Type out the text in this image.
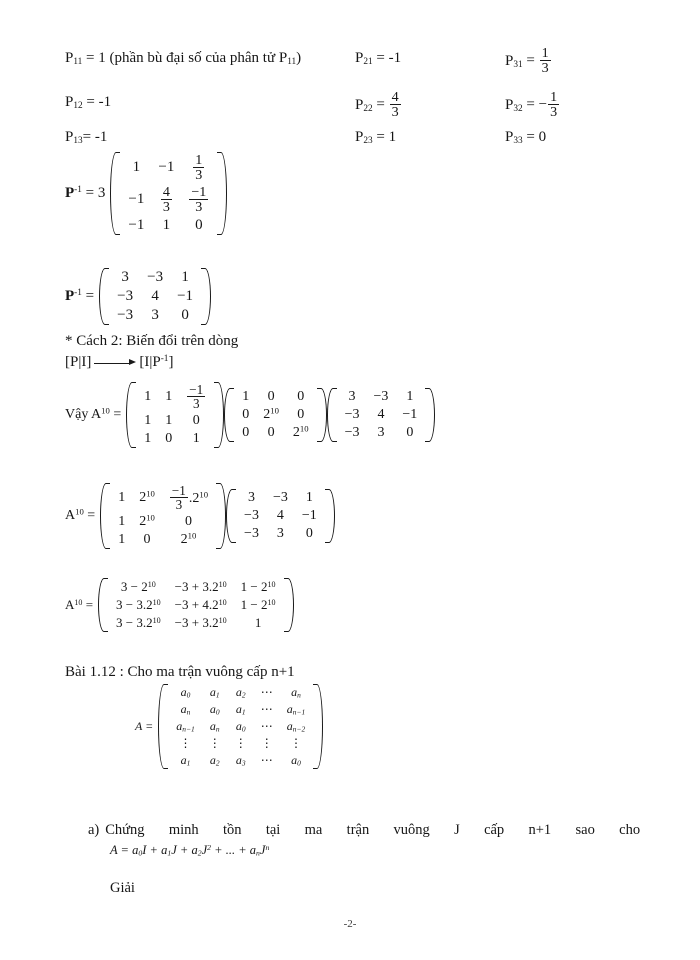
$P_{11} = 1$ (phần bù đại số của phân tử $P_{11}$)	$P_{21} = -1$	$P_{31} = \frac{1}{3}$
$P_{12} = -1$	$P_{22} = \frac{4}{3}$	$P_{32}$ = − $\frac{1}{3}$
$P_{13}= -1$	$P_{23} = 1$	$P_{33} = 0$
$P^{-1} = 3$
1	−1	$\frac{1}{3}$

−1	$\frac{4}{3}$	$\frac{-1}{3}$

−1	1	0
$P^{-1}$ =
3	−3	1
−3	4	−1
−3	3	0
* Cách 2: Biến đổi trên dòng
[P|I]	$[I|P^{-1}]$
Vậy $A^{10}$ =
1	1	$\frac{-1}{3}$

1	1	0
1	0	1
1	0	0
0	$2^{10}$	0
0	0	$2^{10}$
3	−3	1
−3	4	−1
−3	3	0
$A^{10}$ =
1	$2^{10}$	$\frac{-1}{3} .2^{10}$
1	$2^{10}$	0
1	0	$2^{10}$
3	−3	1
−3	4	−1
−3	3	0
$A^{10}$ =
$3 - 2^{10}$	$-3 + 3.2^{10}$	$1 - 2^{10}$
$3 - 3.2^{10}$	$-3 + 4.2^{10}$	$1 - 2^{10}$
$3 - 3.2^{10}$	$-3 + 3.2^{10}$	1
Bài 1.12 : Cho ma trận vuông cấp n+1
A =
$a_0$	$a_1$	$a_2$	⋯	$a_n$
$a_n$	$a_0$	$a_1$	⋯	$a_{n-1}$
$a_{n-1}$	$a_n$	$a_0$	⋯	$a_{n-2}$
⋮	⋮	⋮	⋮	⋮
$a_1$	$a_2$	$a_3$	⋯	$a_0$
a) Chứng minh tồn tại ma trận vuông J cấp n+1 sao cho
$A = a_0I + a_1J + a_2J^2$ + ... + $a_nJ^n$
Giải
-2-
